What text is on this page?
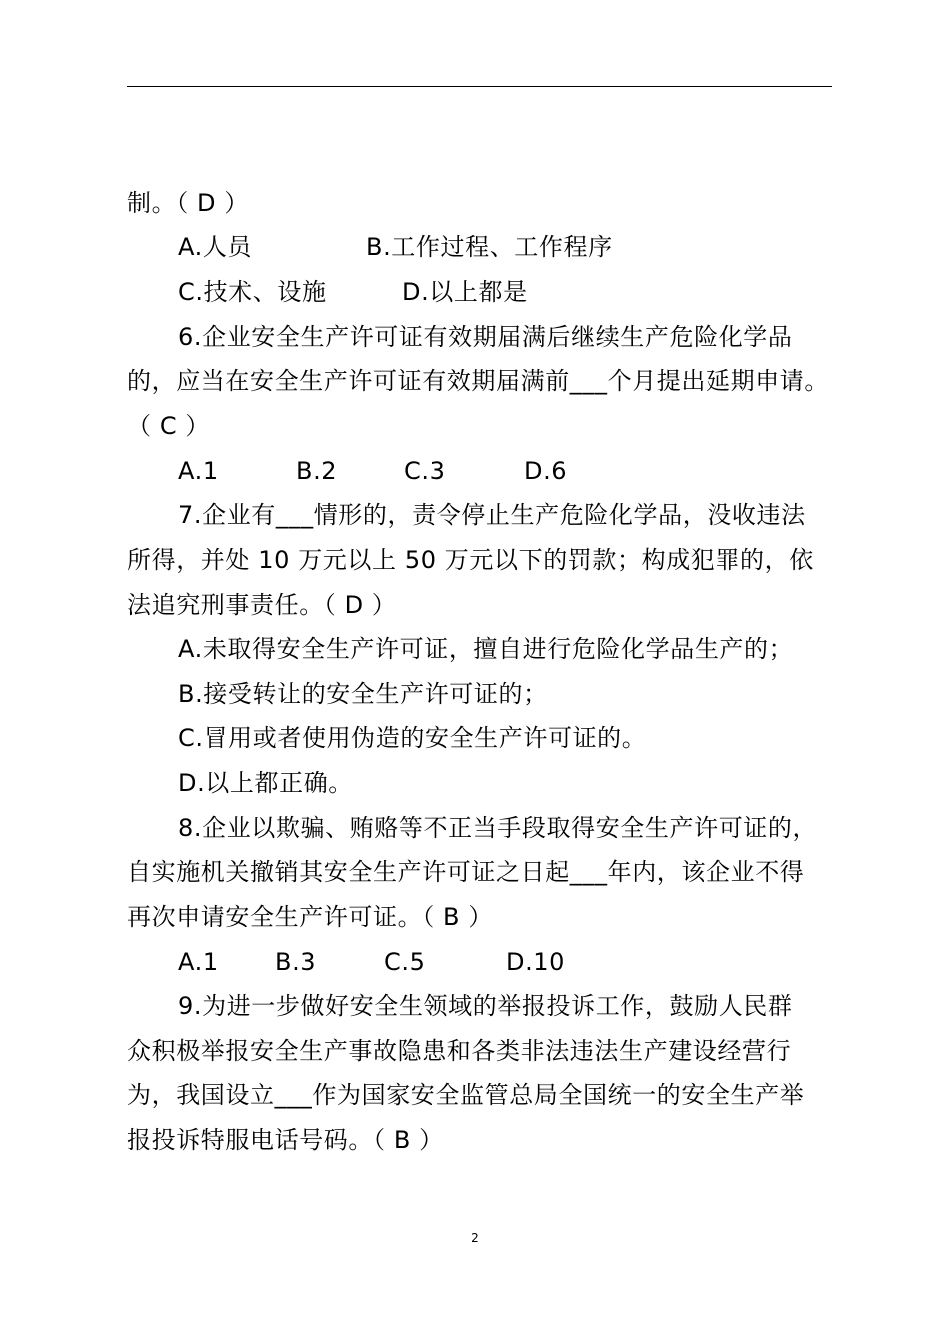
制。（ D ）
A.人员	B.工作过程、工作程序
C.技术、设施	D.以上都是
6.企业安全生产许可证有效期届满后继续生产危险化学品
的，应当在安全生产许可证有效期届满前___个月提出延期申请。
（ C ）
A.1	B.2	C.3	D.6
7.企业有___情形的，责令停止生产危险化学品，没收违法
所得，并处 10 万元以上 50 万元以下的罚款；构成犯罪的，依
法追究刑事责任。（ D ）
A.未取得安全生产许可证，擅自进行危险化学品生产的；
B.接受转让的安全生产许可证的；
C.冒用或者使用伪造的安全生产许可证的。
D.以上都正确。
8.企业以欺骗、贿赂等不正当手段取得安全生产许可证的，
自实施机关撤销其安全生产许可证之日起___年内，该企业不得
再次申请安全生产许可证。（ B ）
A.1 B.3	C.5	D.10
9.为进一步做好安全生领域的举报投诉工作，鼓励人民群
众积极举报安全生产事故隐患和各类非法违法生产建设经营行
为，我国设立___作为国家安全监管总局全国统一的安全生产举
报投诉特服电话号码。（ B ）
2
